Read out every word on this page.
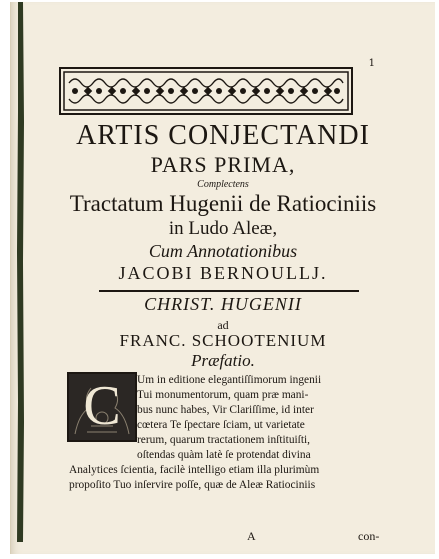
1
ARTIS CONJECTANDI
PARS PRIMA,
Complectens
Tractatum Hugenii de Ratiociniis
in Ludo Aleæ,
Cum Annotationibus
JACOBI BERNOULLJ.
CHRIST. HUGENII
ad
FRANC. SCHOOTENIUM
Præfatio.
C	Um in editione elegantiſſimorum ingenii
Tui monumentorum, quam præ mani-
bus nunc habes, Vir Clariſſime, id inter
cœtera Te ſpectare ſciam, ut varietate
rerum, quarum tractationem inſtituiſti,
oſtendas quàm latè ſe protendat divina
Analytices ſcientia, facilè intelligo etiam illa plurimùm
propoſito Tuo inſervire poſſe, quæ de Aleæ Ratiociniis
A	con-
